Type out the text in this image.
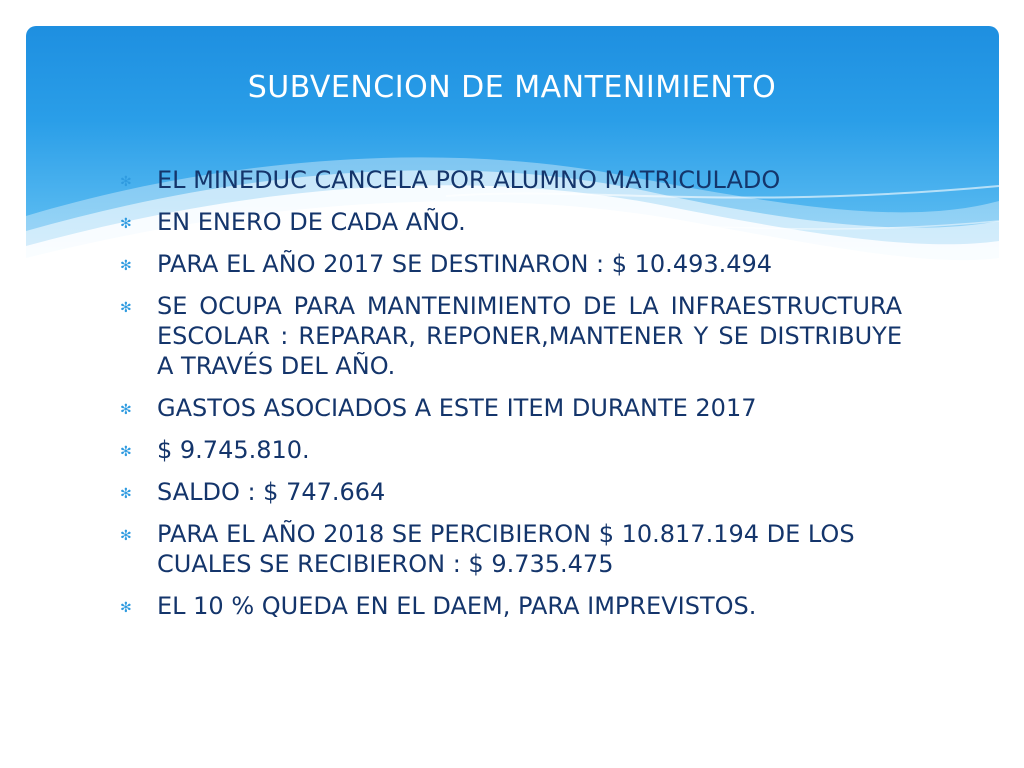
SUBVENCION DE MANTENIMIENTO
✻ EL MINEDUC CANCELA POR ALUMNO MATRICULADO
✻ EN ENERO DE CADA AÑO.
✻ PARA EL AÑO 2017 SE DESTINARON : $ 10.493.494
✻ SE OCUPA PARA MANTENIMIENTO DE LA INFRAESTRUCTURA ESCOLAR : REPARAR, REPONER,MANTENER Y SE DISTRIBUYE A TRAVÉS DEL AÑO.
✻ GASTOS ASOCIADOS A ESTE ITEM DURANTE 2017
✻ $ 9.745.810.
✻ SALDO : $ 747.664
✻ PARA EL AÑO 2018 SE PERCIBIERON $ 10.817.194 DE LOS CUALES SE RECIBIERON : $ 9.735.475
✻ EL 10 % QUEDA EN EL DAEM, PARA IMPREVISTOS.
